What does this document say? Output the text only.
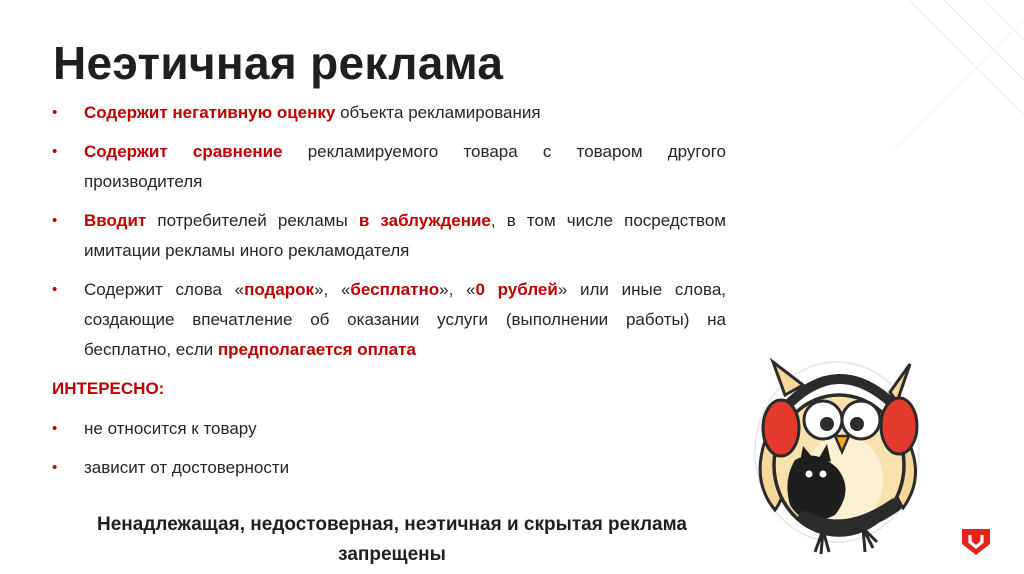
Неэтичная реклама
• Содержит негативную оценку объекта рекламирования
• Содержит сравнение рекламируемого товара с товаром другого производителя
• Вводит потребителей рекламы в заблуждение, в том числе посредством имитации рекламы иного рекламодателя
• Содержит слова «подарок», «бесплатно», «0 рублей» или иные слова, создающие впечатление об оказании услуги (выполнении работы) на бесплатно, если предполагается оплата
ИНТЕРЕСНО:
• не относится к товару
• зависит от достоверности
Ненадлежащая, недостоверная, неэтичная и скрытая реклама запрещены
